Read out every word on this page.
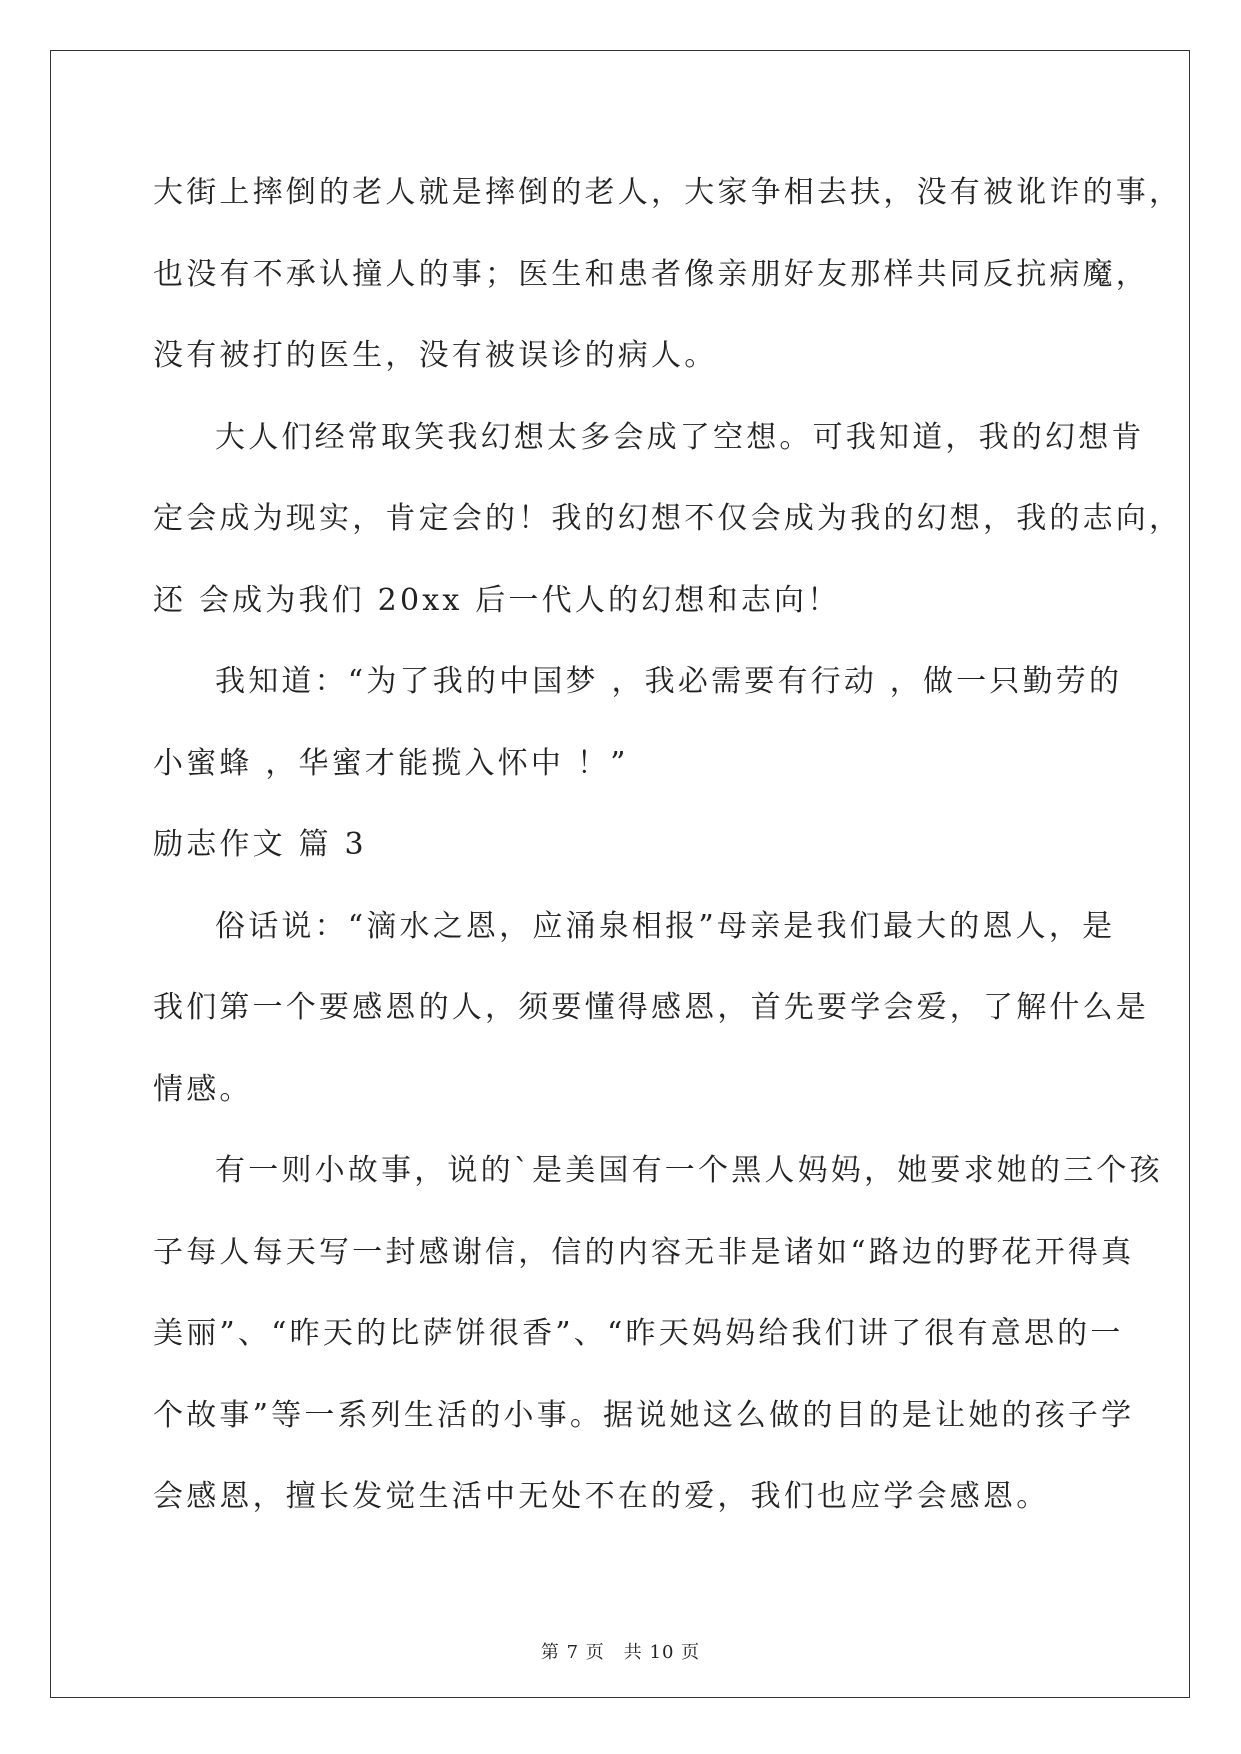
大街上摔倒的老人就是摔倒的老人，大家争相去扶，没有被讹诈的事，
也没有不承认撞人的事；医生和患者像亲朋好友那样共同反抗病魔，
没有被打的医生，没有被误诊的病人。
大人们经常取笑我幻想太多会成了空想。可我知道，我的幻想肯
定会成为现实，肯定会的！我的幻想不仅会成为我的幻想，我的志向，
还 会成为我们 20xx 后一代人的幻想和志向！
我知道：“为了我的中国梦 ，我必需要有行动 ，做一只勤劳的
小蜜蜂 ，华蜜才能揽入怀中 ！”
励志作文 篇 3
俗话说：“滴水之恩，应涌泉相报”母亲是我们最大的恩人，是
我们第一个要感恩的人，须要懂得感恩，首先要学会爱，了解什么是
情感。
有一则小故事，说的`是美国有一个黑人妈妈，她要求她的三个孩
子每人每天写一封感谢信，信的内容无非是诸如“路边的野花开得真
美丽”、“昨天的比萨饼很香”、“昨天妈妈给我们讲了很有意思的一
个故事”等一系列生活的小事。据说她这么做的目的是让她的孩子学
会感恩，擅长发觉生活中无处不在的爱，我们也应学会感恩。
第 7 页　共 10 页
